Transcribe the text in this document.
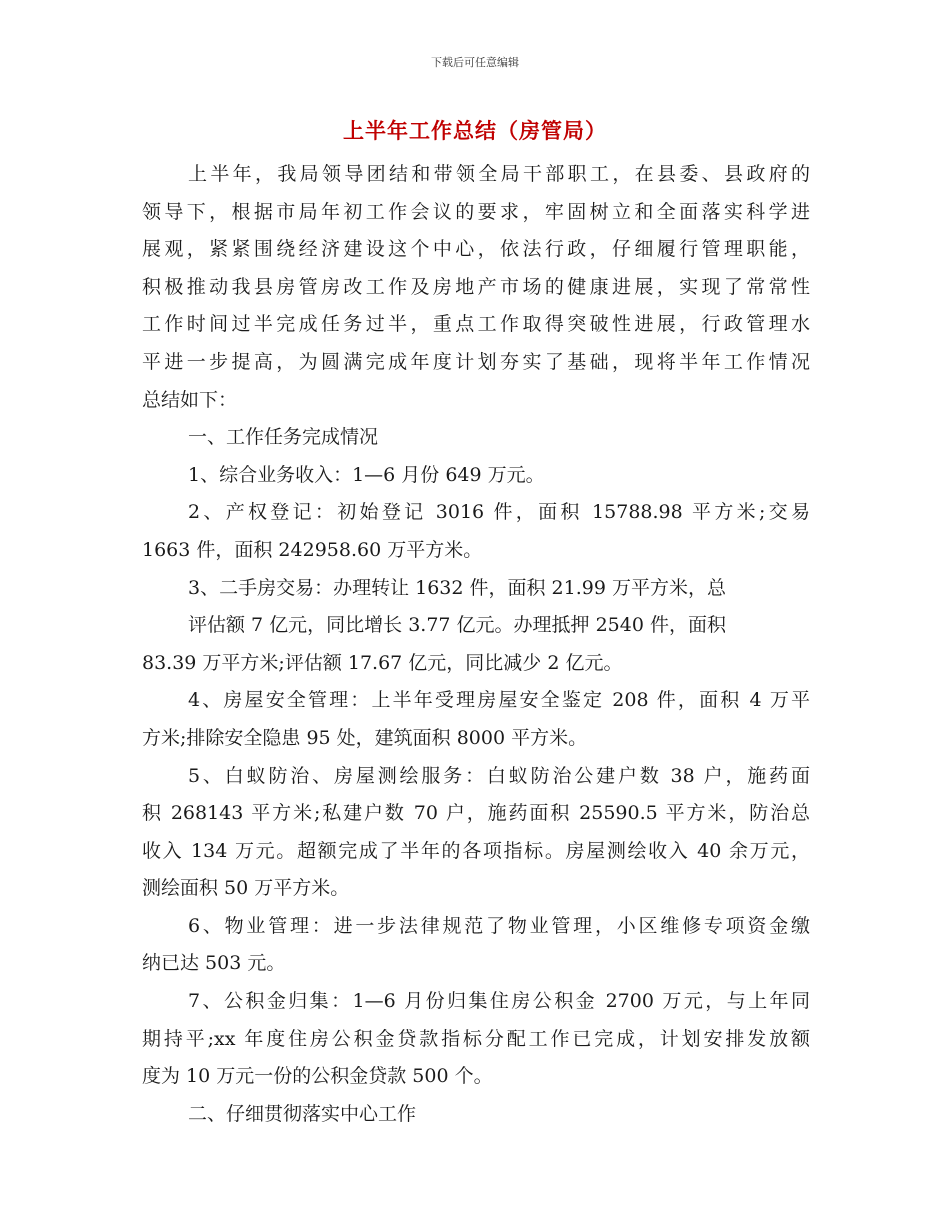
下载后可任意编辑
上半年工作总结（房管局）
上半年，我局领导团结和带领全局干部职工，在县委、县政府的
领导下，根据市局年初工作会议的要求，牢固树立和全面落实科学进
展观，紧紧围绕经济建设这个中心，依法行政，仔细履行管理职能，
积极推动我县房管房改工作及房地产市场的健康进展，实现了常常性
工作时间过半完成任务过半，重点工作取得突破性进展，行政管理水
平进一步提高，为圆满完成年度计划夯实了基础，现将半年工作情况
总结如下：
一、工作任务完成情况
1、综合业务收入：1—6 月份 649 万元。
2、产权登记：初始登记 3016 件，面积 15788.98 平方米;交易
1663 件，面积 242958.60 万平方米。
3、二手房交易：办理转让 1632 件，面积 21.99 万平方米，总
评估额 7 亿元，同比增长 3.77 亿元。办理抵押 2540 件，面积
83.39 万平方米;评估额 17.67 亿元，同比减少 2 亿元。
4、房屋安全管理：上半年受理房屋安全鉴定 208 件，面积 4 万平
方米;排除安全隐患 95 处，建筑面积 8000 平方米。
5、白蚁防治、房屋测绘服务：白蚁防治公建户数 38 户，施药面
积 268143 平方米;私建户数 70 户，施药面积 25590.5 平方米，防治总
收入 134 万元。超额完成了半年的各项指标。房屋测绘收入 40 余万元，
测绘面积 50 万平方米。
6、物业管理：进一步法律规范了物业管理，小区维修专项资金缴
纳已达 503 元。
7、公积金归集：1—6 月份归集住房公积金 2700 万元，与上年同
期持平;xx 年度住房公积金贷款指标分配工作已完成，计划安排发放额
度为 10 万元一份的公积金贷款 500 个。
二、仔细贯彻落实中心工作
